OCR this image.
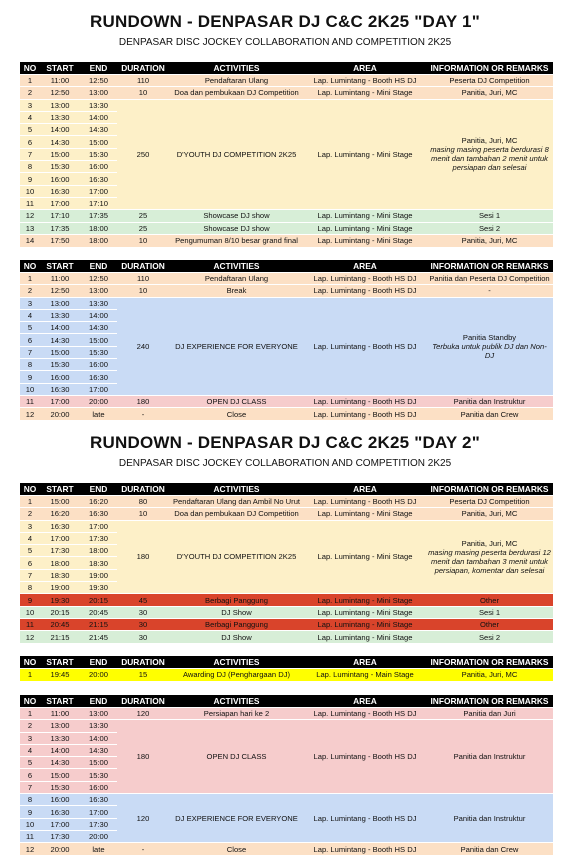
RUNDOWN - DENPASAR DJ C&C 2K25 "DAY 1"
DENPASAR DISC JOCKEY COLLABORATION AND COMPETITION 2K25
NO	START	END	DURATION	ACTIVITIES	AREA	INFORMATION OR REMARKS
1	11:00	12:50	110	Pendaftaran Ulang	Lap. Lumintang - Booth HS DJ	Peserta DJ Competition
2	12:50	13:00	10	Doa dan pembukaan DJ Competition	Lap. Lumintang - Mini Stage	Panitia, Juri, MC
3	13:00	13:30	250	D'YOUTH DJ COMPETITION 2K25	Lap. Lumintang - Mini Stage	Panitia, Juri, MC
masing masing peserta berdurasi 8 menit dan tambahan 2 menit untuk persiapan dan selesai

4	13:30	14:00				
5	14:00	14:30				
6	14:30	15:00				
7	15:00	15:30				
8	15:30	16:00				
9	16:00	16:30				
10	16:30	17:00				
11	17:00	17:10				
12	17:10	17:35	25	Showcase DJ show	Lap. Lumintang - Mini Stage	Sesi 1
13	17:35	18:00	25	Showcase DJ show	Lap. Lumintang - Mini Stage	Sesi 2
14	17:50	18:00	10	Pengumuman 8/10 besar grand final	Lap. Lumintang - Mini Stage	Panitia, Juri, MC
NO	START	END	DURATION	ACTIVITIES	AREA	INFORMATION OR REMARKS
1	11:00	12:50	110	Pendaftaran Ulang	Lap. Lumintang - Booth HS DJ	Panitia dan Peserta DJ Competition
2	12:50	13:00	10	Break	Lap. Lumintang - Booth HS DJ	-
3	13:00	13:30	240	DJ EXPERIENCE FOR EVERYONE	Lap. Lumintang - Booth HS DJ	Panitia Standby
Terbuka untuk publik DJ dan Non-DJ

4	13:30	14:00				
5	14:00	14:30				
6	14:30	15:00				
7	15:00	15:30				
8	15:30	16:00				
9	16:00	16:30				
10	16:30	17:00				
11	17:00	20:00	180	OPEN DJ CLASS	Lap. Lumintang - Booth HS DJ	Panitia dan Instruktur
12	20:00	late	-	Close	Lap. Lumintang - Booth HS DJ	Panitia dan Crew
RUNDOWN - DENPASAR DJ C&C 2K25 "DAY 2"
DENPASAR DISC JOCKEY COLLABORATION AND COMPETITION 2K25
NO	START	END	DURATION	ACTIVITIES	AREA	INFORMATION OR REMARKS
1	15:00	16:20	80	Pendaftaran Ulang dan Ambil No Urut	Lap. Lumintang - Booth HS DJ	Peserta DJ Competition
2	16:20	16:30	10	Doa dan pembukaan DJ Competition	Lap. Lumintang - Mini Stage	Panitia, Juri, MC
3	16:30	17:00	180	D'YOUTH DJ COMPETITION 2K25	Lap. Lumintang - Mini Stage	Panitia, Juri, MC
masing masing peserta berdurasi 12 menit dan tambahan 3 menit untuk persiapan, komentar dan selesai

4	17:00	17:30				
5	17:30	18:00				
6	18:00	18:30				
7	18:30	19:00				
8	19:00	19:30				
9	19:30	20:15	45	Berbagi Panggung	Lap. Lumintang - Mini Stage	Other
10	20:15	20:45	30	DJ Show	Lap. Lumintang - Mini Stage	Sesi 1
11	20:45	21:15	30	Berbagi Panggung	Lap. Lumintang - Mini Stage	Other
12	21:15	21:45	30	DJ Show	Lap. Lumintang - Mini Stage	Sesi 2
NO	START	END	DURATION	ACTIVITIES	AREA	INFORMATION OR REMARKS
1	19:45	20:00	15	Awarding DJ (Penghargaan DJ)	Lap. Lumintang - Main Stage	Panitia, Juri, MC
NO	START	END	DURATION	ACTIVITIES	AREA	INFORMATION OR REMARKS
1	11:00	13:00	120	Persiapan hari ke 2	Lap. Lumintang - Booth HS DJ	Panitia dan Juri
2	13:00	13:30	180	OPEN DJ CLASS	Lap. Lumintang - Booth HS DJ	Panitia dan Instruktur
3	13:30	14:00				
4	14:00	14:30				
5	14:30	15:00				
6	15:00	15:30				
7	15:30	16:00				
8	16:00	16:30	120	DJ EXPERIENCE FOR EVERYONE	Lap. Lumintang - Booth HS DJ	Panitia dan Instruktur
9	16:30	17:00				
10	17:00	17:30				
11	17:30	20:00				
12	20:00	late	-	Close	Lap. Lumintang - Booth HS DJ	Panitia dan Crew
